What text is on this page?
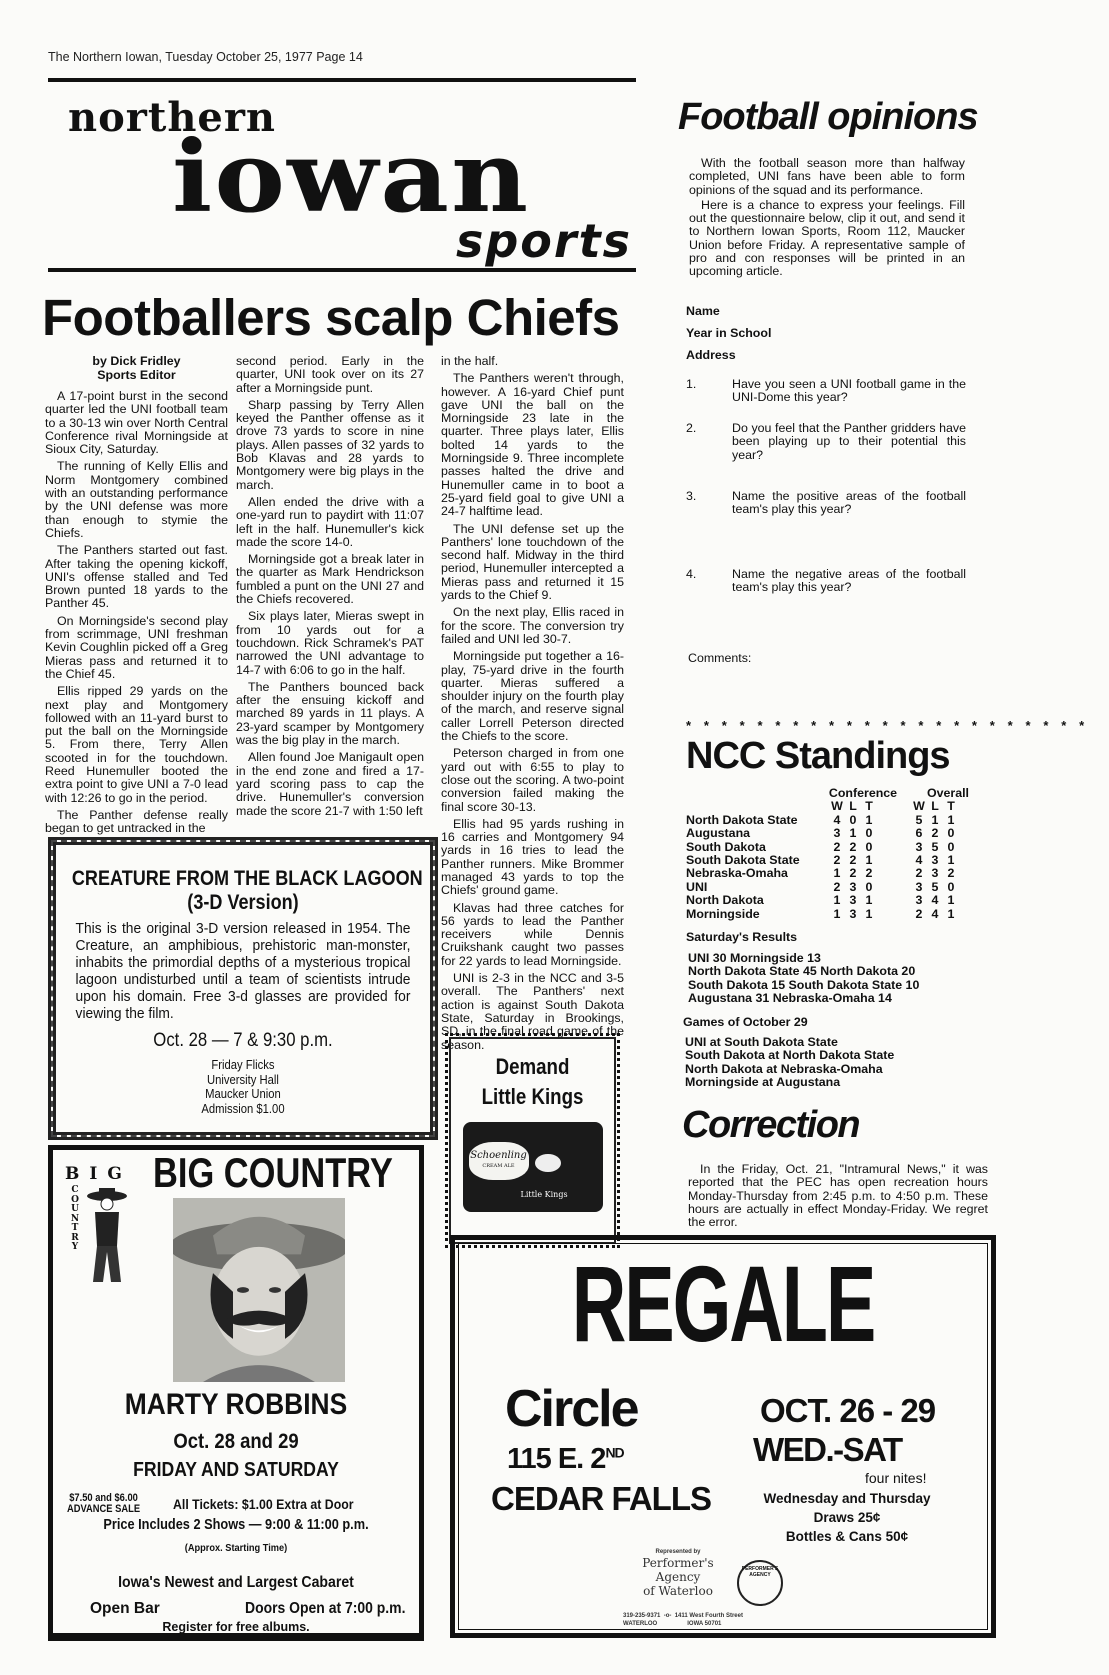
The Northern Iowan, Tuesday October 25, 1977 Page 14
northern
iowan
sports
Footballers scalp Chiefs
by Dick Fridley
Sports Editor

A 17-point burst in the second quarter led the UNI football team to a 30-13 win over North Central Conference rival Morningside at Sioux City, Saturday.

The running of Kelly Ellis and Norm Montgomery combined with an outstanding performance by the UNI defense was more than enough to stymie the Chiefs.

The Panthers started out fast. After taking the opening kickoff, UNI's offense stalled and Ted Brown punted 18 yards to the Panther 45.

On Morningside's second play from scrimmage, UNI freshman Kevin Coughlin picked off a Greg Mieras pass and returned it to the Chief 45.

Ellis ripped 29 yards on the next play and Montgomery followed with an 11-yard burst to put the ball on the Morningside 5. From there, Terry Allen scooted in for the touchdown. Reed Hunemuller booted the extra point to give UNI a 7-0 lead with 12:26 to go in the period.

The Panther defense really began to get untracked in the

second period. Early in the quarter, UNI took over on its 27 after a Morningside punt.

Sharp passing by Terry Allen keyed the Panther offense as it drove 73 yards to score in nine plays. Allen passes of 32 yards to Bob Klavas and 28 yards to Montgomery were big plays in the march.

Allen ended the drive with a one-yard run to paydirt with 11:07 left in the half. Hunemuller's kick made the score 14-0.

Morningside got a break later in the quarter as Mark Hendrickson fumbled a punt on the UNI 27 and the Chiefs recovered.

Six plays later, Mieras swept in from 10 yards out for a touchdown. Rick Schramek's PAT narrowed the UNI advantage to 14-7 with 6:06 to go in the half.

The Panthers bounced back after the ensuing kickoff and marched 89 yards in 11 plays. A 23-yard scamper by Montgomery was the big play in the march.

Allen found Joe Manigault open in the end zone and fired a 17-yard scoring pass to cap the drive. Hunemuller's conversion made the score 21-7 with 1:50 left

in the half.

The Panthers weren't through, however. A 16-yard Chief punt gave UNI the ball on the Morningside 23 late in the quarter. Three plays later, Ellis bolted 14 yards to the Morningside 9. Three incomplete passes halted the drive and Hunemuller came in to boot a 25-yard field goal to give UNI a 24-7 halftime lead.

The UNI defense set up the Panthers' lone touchdown of the second half. Midway in the third period, Hunemuller intercepted a Mieras pass and returned it 15 yards to the Chief 9.

On the next play, Ellis raced in for the score. The conversion try failed and UNI led 30-7.

Morningside put together a 16-play, 75-yard drive in the fourth quarter. Mieras suffered a shoulder injury on the fourth play of the march, and reserve signal caller Lorrell Peterson directed the Chiefs to the score.

Peterson charged in from one yard out with 6:55 to play to close out the scoring. A two-point conversion failed making the final score 30-13.

Ellis had 95 yards rushing in 16 carries and Montgomery 94 yards in 16 tries to lead the Panther runners. Mike Brommer managed 43 yards to top the Chiefs' ground game.

Klavas had three catches for 56 yards to lead the Panther receivers while Dennis Cruikshank caught two passes for 22 yards to lead Morningside.

UNI is 2-3 in the NCC and 3-5 overall. The Panthers' next action is against South Dakota State, Saturday in Brookings, SD, in the final road game of the season.

CREATURE FROM THE BLACK LAGOON
(3-D Version)
This is the original 3-D version released in 1954. The Creature, an amphibious, prehistoric man-monster, inhabits the primordial depths of a mysterious tropical lagoon undisturbed until a team of scientists intrude upon his domain. Free 3-d glasses are provided for viewing the film.
Oct. 28 — 7 & 9:30 p.m.
Friday Flicks
University Hall
Maucker Union
Admission $1.00
BIG
COUNTRY
BIG COUNTRY
MARTY ROBBINS
Oct. 28 and 29
FRIDAY AND SATURDAY
$7.50 and $6.00
ADVANCE SALE All Tickets: $1.00 Extra at Door
Price Includes 2 Shows — 9:00 & 11:00 p.m.
(Approx. Starting Time)
Iowa's Newest and Largest Cabaret
Open Bar	Doors Open at 7:00 p.m.
Register for free albums.
Demand
Little Kings
Schoenling
CREAM ALE
Little Kings
Football opinions

With the football season more than halfway completed, UNI fans have been able to form opinions of the squad and its performance.

Here is a chance to express your feelings. Fill out the questionnaire below, clip it out, and send it to Northern Iowan Sports, Room 112, Maucker Union before Friday. A representative sample of pro and con responses will be printed in an upcoming article.

Name
Year in School
Address
1.	Have you seen a UNI football game in the UNI-Dome this year?
2.	Do you feel that the Panther gridders have been playing up to their potential this year?
3.	Name the positive areas of the football team's play this year?
4.	Name the negative areas of the football team's play this year?
Comments:
* * * * * * * * * * * * * * * * * * * * * * *
NCC Standings
Conference	Overall
W L T	W L T
North Dakota State	4 0 1	5 1 1
Augustana	3 1 0	6 2 0
South Dakota	2 2 0	3 5 0
South Dakota State	2 2 1	4 3 1
Nebraska-Omaha	1 2 2	2 3 2
UNI	2 3 0	3 5 0
North Dakota	1 3 1	3 4 1
Morningside	1 3 1	2 4 1
Saturday's Results
UNI 30 Morningside 13
North Dakota State 45 North Dakota 20
South Dakota 15 South Dakota State 10
Augustana 31 Nebraska-Omaha 14
Games of October 29
UNI at South Dakota State
South Dakota at North Dakota State
North Dakota at Nebraska-Omaha
Morningside at Augustana
Correction
In the Friday, Oct. 21, "Intramural News," it was reported that the PEC has open recreation hours Monday-Thursday from 2:45 p.m. to 4:50 p.m. These hours are actually in effect Monday-Friday. We regret the error.
REGALE
Circle
115 E. 2ND
CEDAR FALLS
OCT. 26 - 29
WED.-SAT
four nites!
Wednesday and Thursday
Draws 25¢
Bottles & Cans 50¢
Represented by
Performer's
Agency
of Waterloo
PERFORMER'S AGENCY
319-235-9371  -o-  1411 West Fourth Street
WATERLOO	IOWA 50701
